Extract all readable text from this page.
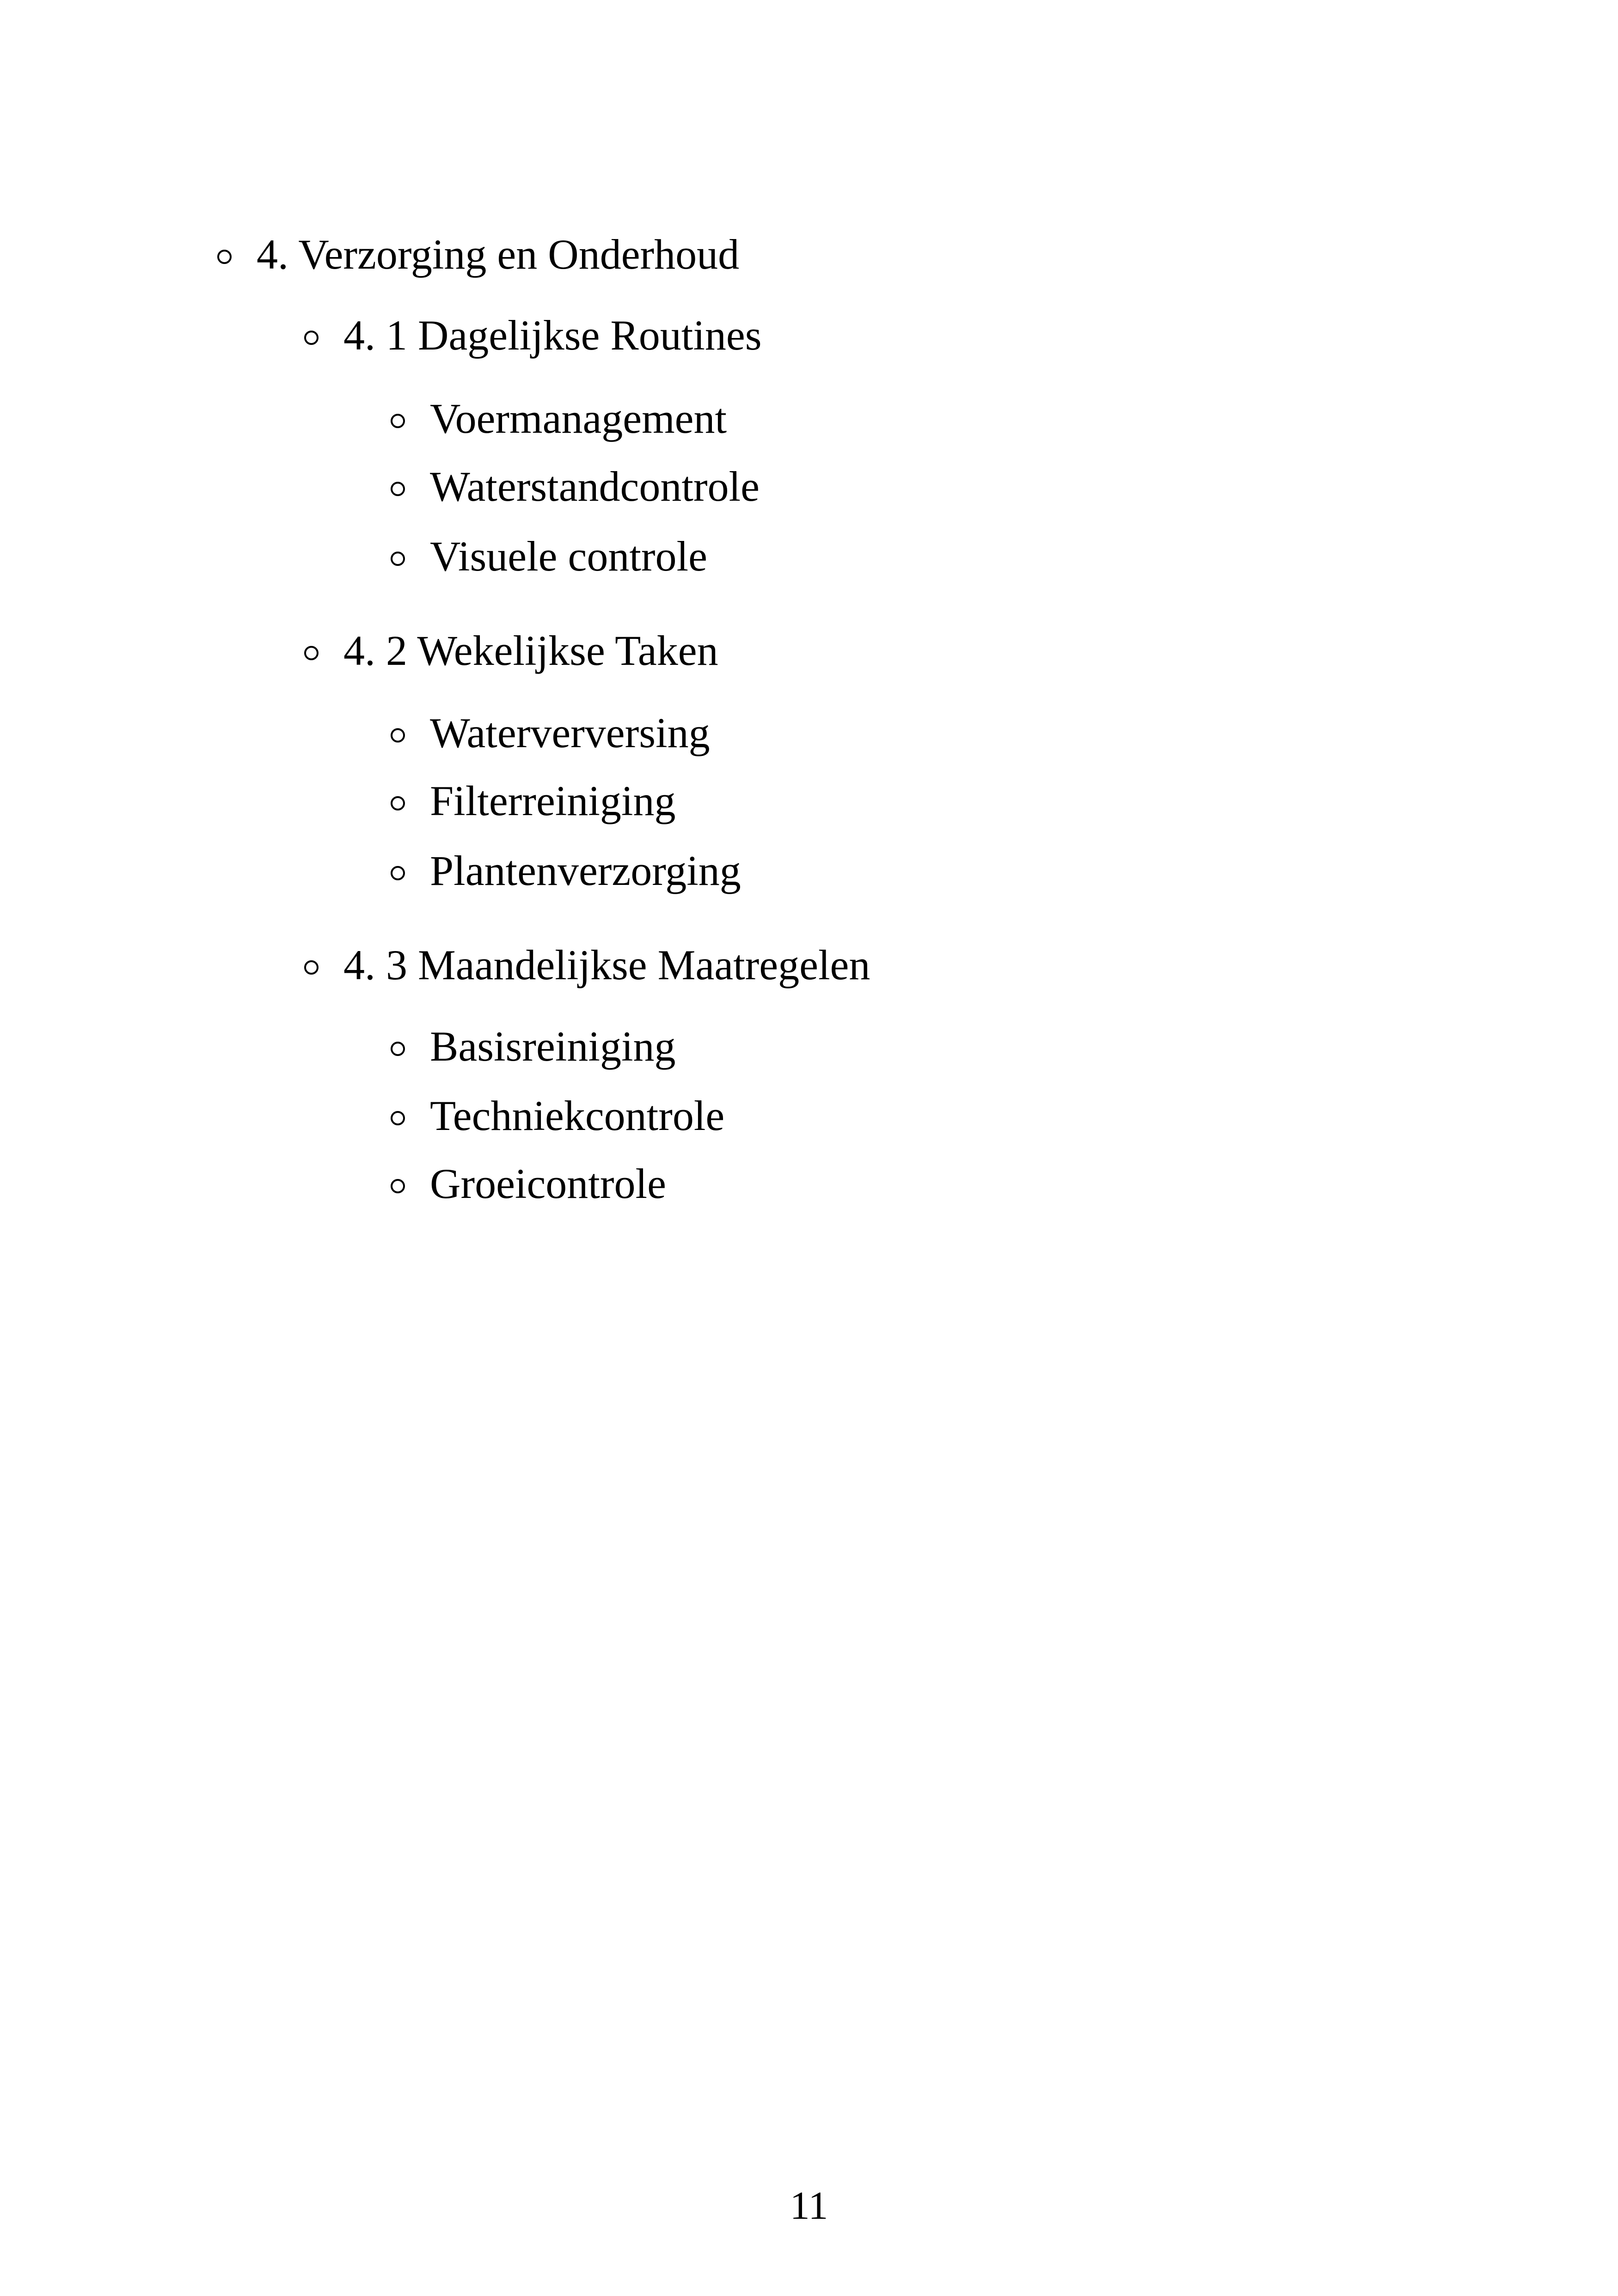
4. Verzorging en Onderhoud
4. 1 Dagelijkse Routines
Voermanagement
Waterstandcontrole
Visuele controle
4. 2 Wekelijkse Taken
Waterverversing
Filterreiniging
Plantenverzorging
4. 3 Maandelijkse Maatregelen
Basisreiniging
Techniekcontrole
Groeicontrole
11
